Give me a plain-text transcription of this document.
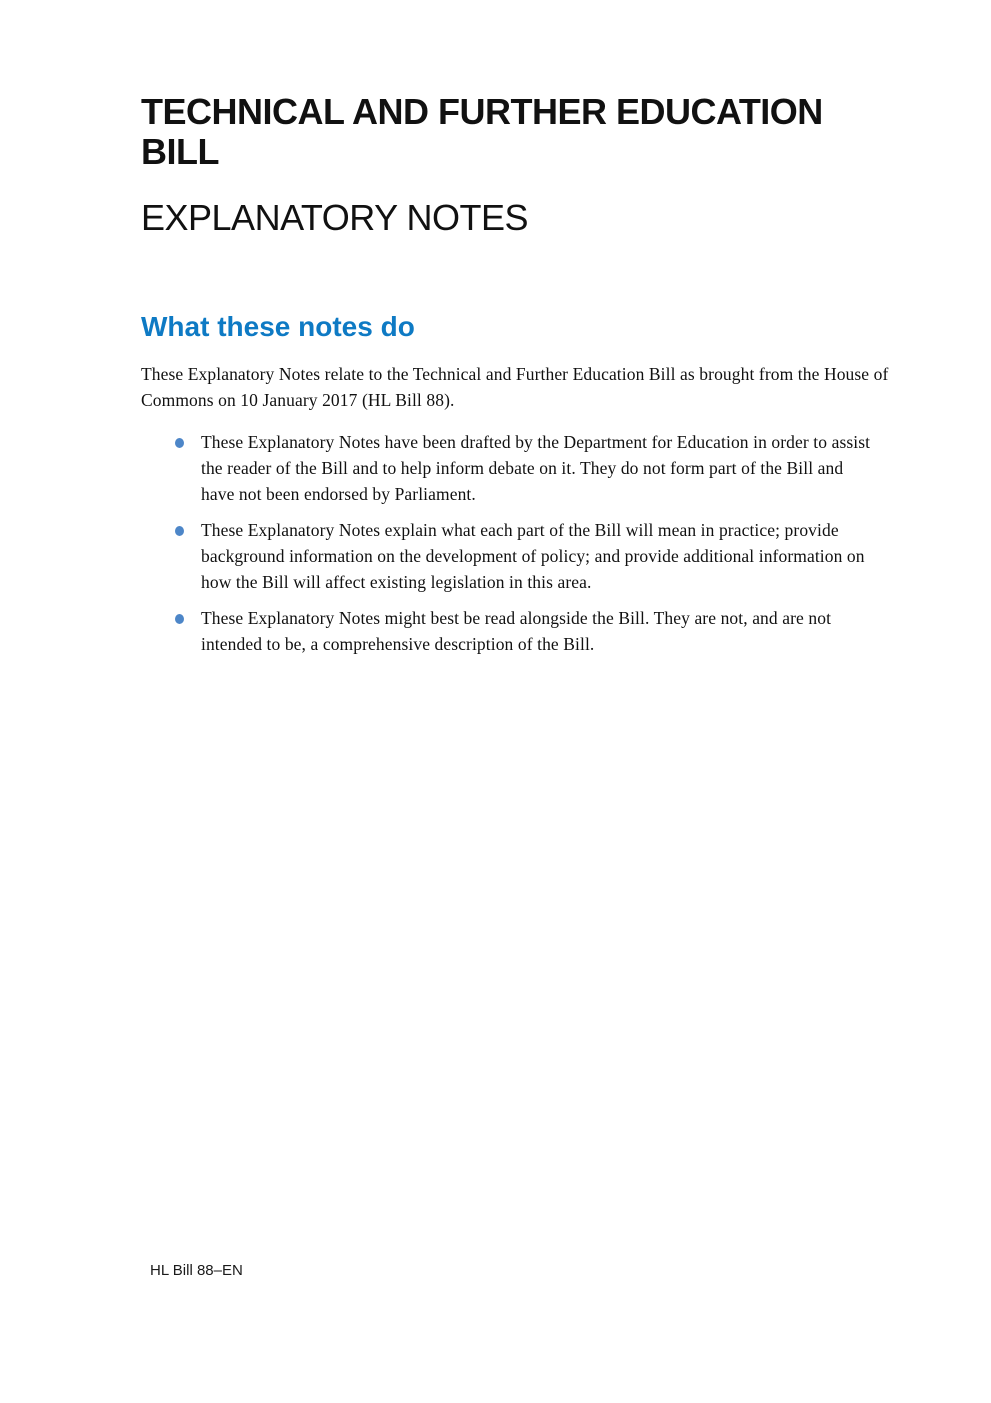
TECHNICAL AND FURTHER EDUCATION BILL
EXPLANATORY NOTES
What these notes do

These Explanatory Notes relate to the Technical and Further Education Bill as brought from the House of Commons on 10 January 2017 (HL Bill 88).

These Explanatory Notes have been drafted by the Department for Education in order to assist the reader of the Bill and to help inform debate on it. They do not form part of the Bill and have not been endorsed by Parliament.
These Explanatory Notes explain what each part of the Bill will mean in practice; provide background information on the development of policy; and provide additional information on how the Bill will affect existing legislation in this area.
These Explanatory Notes might best be read alongside the Bill. They are not, and are not intended to be, a comprehensive description of the Bill.
HL Bill 88–EN
